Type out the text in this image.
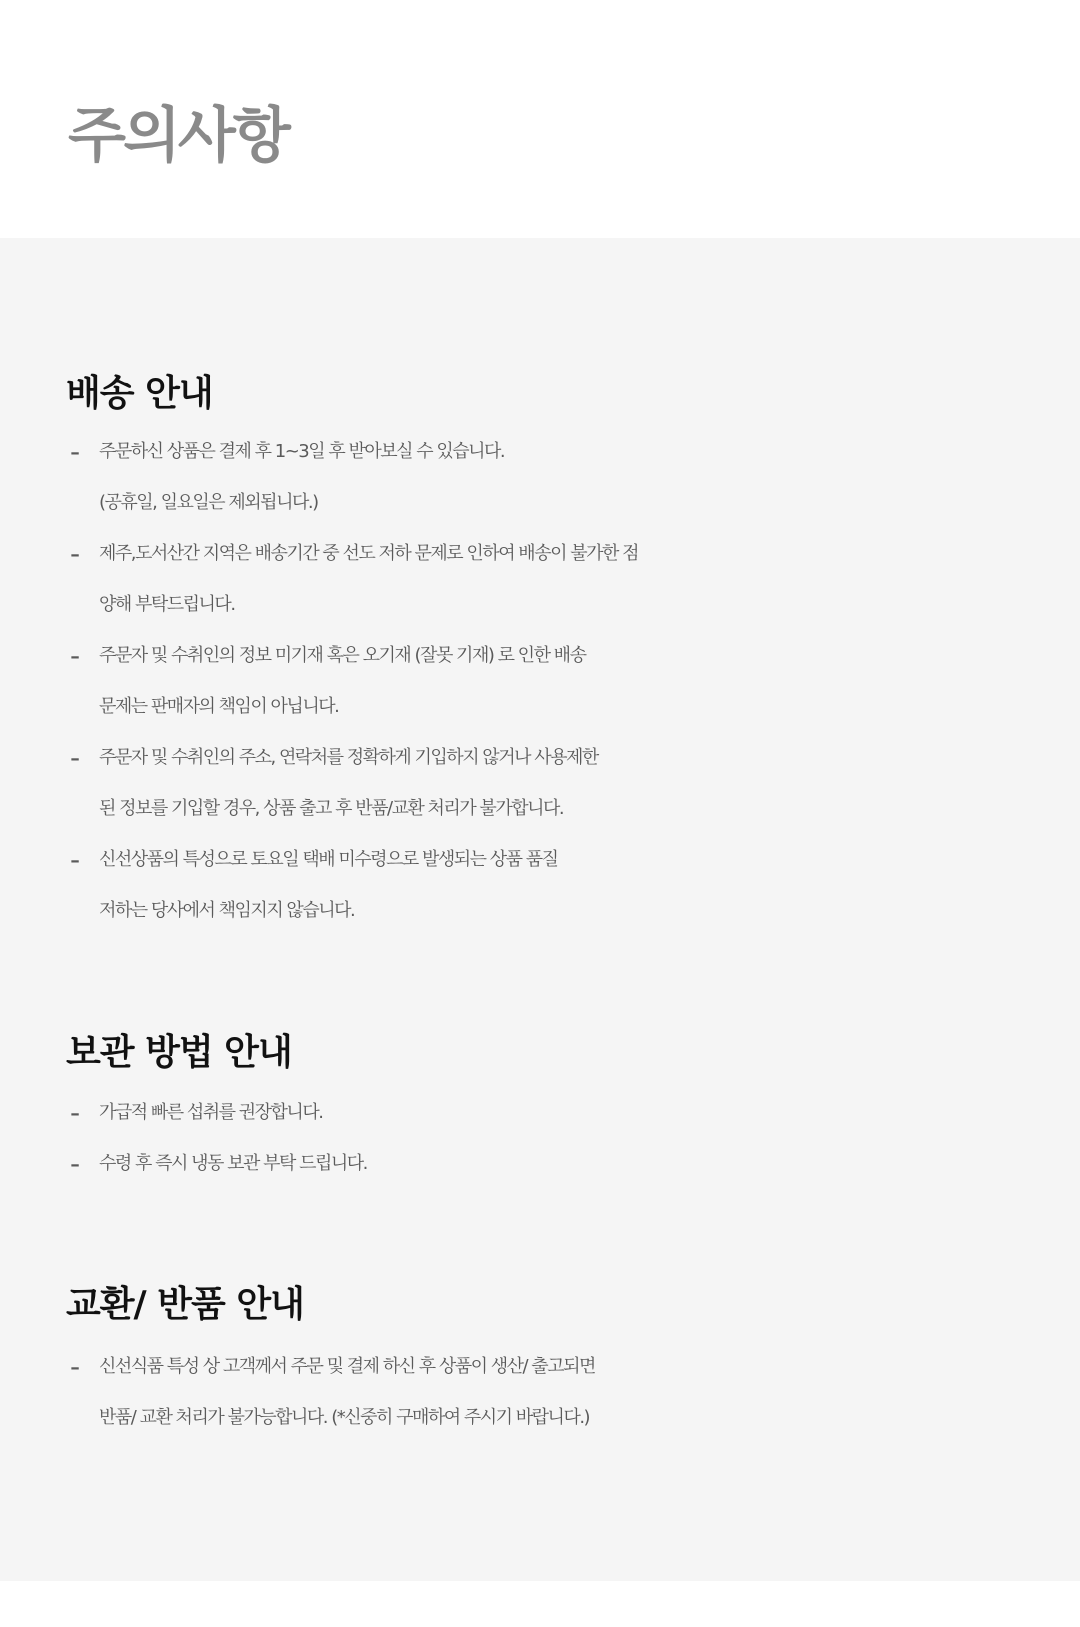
주의사항
배송 안내
- 주문하신 상품은 결제 후 1~3일 후 받아보실 수 있습니다.
(공휴일, 일요일은 제외됩니다.)
- 제주,도서산간 지역은 배송기간 중 선도 저하 문제로 인하여 배송이 불가한 점
양해 부탁드립니다.
- 주문자 및 수취인의 정보 미기재 혹은 오기재 (잘못 기재) 로 인한 배송
문제는 판매자의 책임이 아닙니다.
- 주문자 및 수취인의 주소, 연락처를 정확하게 기입하지 않거나 사용제한
된 정보를 기입할 경우, 상품 출고 후 반품/교환 처리가 불가합니다.
- 신선상품의 특성으로 토요일 택배 미수령으로 발생되는 상품 품질
저하는 당사에서 책임지지 않습니다.
보관 방법 안내
- 가급적 빠른 섭취를 권장합니다.
- 수령 후 즉시 냉동 보관 부탁 드립니다.
교환/ 반품 안내
- 신선식품 특성 상 고객께서 주문 및 결제 하신 후 상품이 생산/ 출고되면
반품/ 교환 처리가 불가능합니다. (*신중히 구매하여 주시기 바랍니다.)
